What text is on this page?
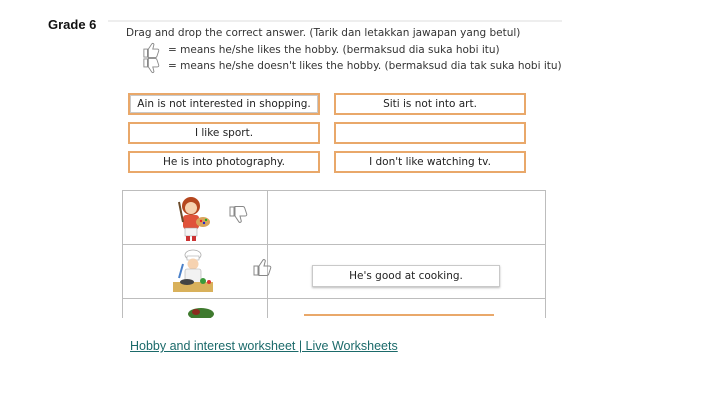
Grade 6
Drag and drop the correct answer. (Tarik dan letakkan jawapan yang betul)
= means he/she likes the hobby. (bermaksud dia suka hobi itu)
= means he/she doesn't likes the hobby. (bermaksud dia tak suka hobi itu)
Ain is not interested in shopping.	Siti is not into art.
I like sport.
He is into photography.	I don't like watching tv.
He's good at cooking.
Hobby and interest worksheet | Live Worksheets
